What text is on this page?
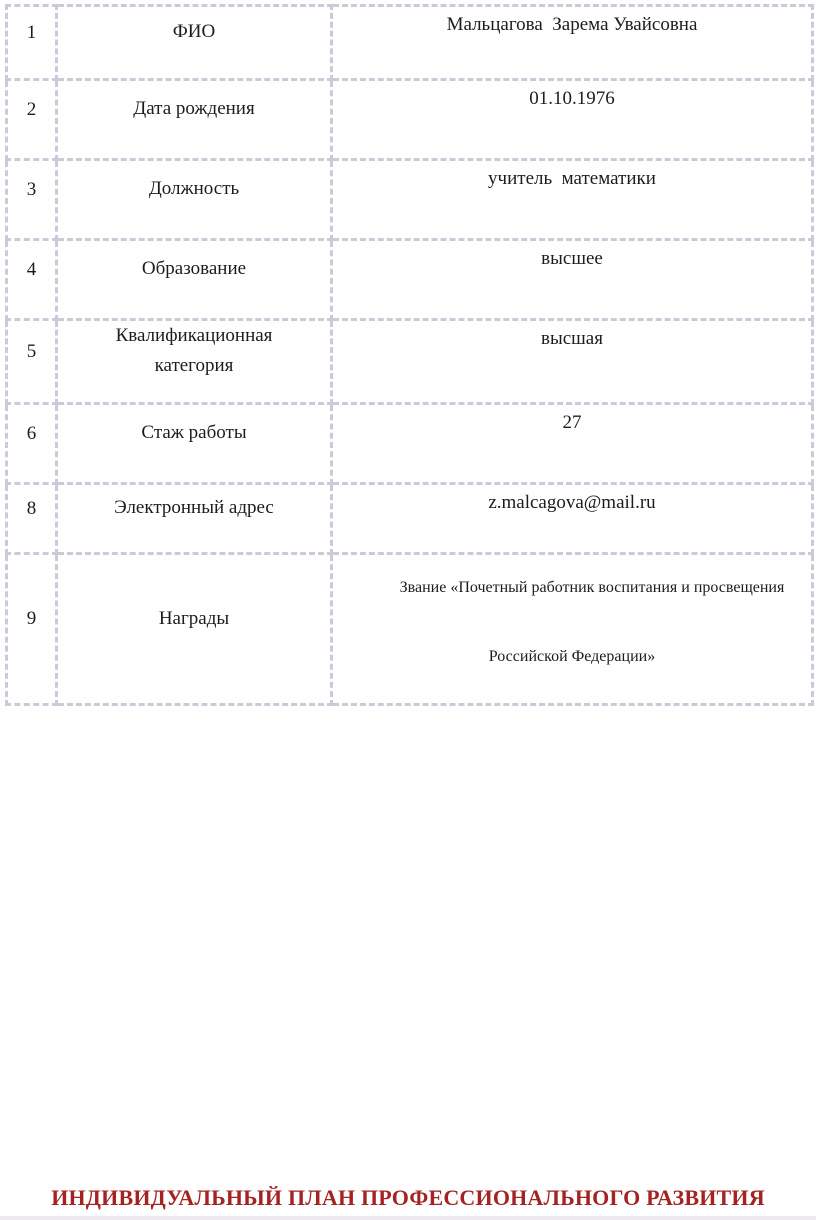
1	ФИО	Мальцагова  Зарема Увайсовна
2	Дата рождения	01.10.1976
3	Должность	учитель  математики
4	Образование	высшее
5	Квалификационная категория	высшая
6	Стаж работы	27
8	Электронный адрес	z.malcagova@mail.ru
9	Награды	Звание «Почетный работник воспитания и просвещения

Российской Федерации»

ИНДИВИДУАЛЬНЫЙ ПЛАН ПРОФЕССИОНАЛЬНОГО РАЗВИТИЯ
